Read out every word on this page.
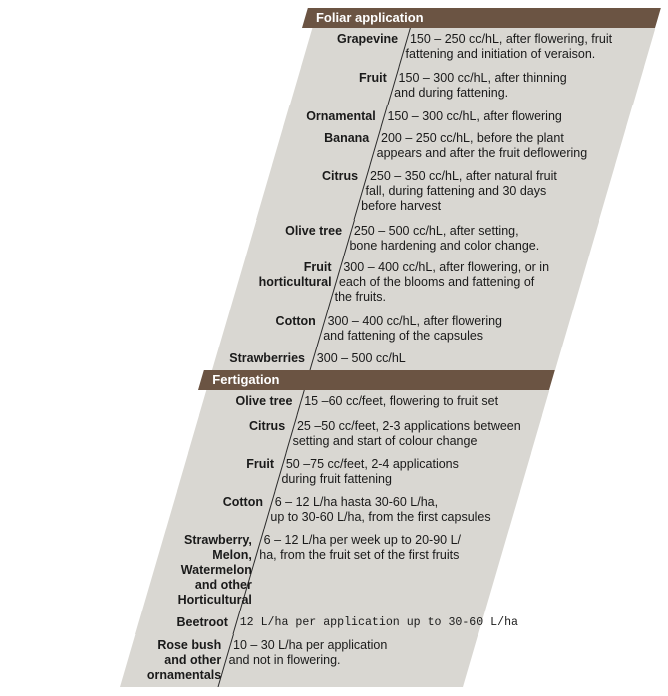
Foliar application
Grapevine 150 – 250 cc/hL, after flowering, fruit
fattening and initiation of veraison.
Fruit 150 – 300 cc/hL, after thinning
and during fattening.
Ornamental 150 – 300 cc/hL, after flowering
Banana 200 – 250 cc/hL, before the plant
appears and after the fruit deflowering
Citrus 250 – 350 cc/hL, after natural fruit
fall, during fattening and 30 days
before harvest
Olive tree 250 – 500 cc/hL, after setting,
bone hardening and color change.
Fruit
horticultural
300 – 400 cc/hL, after flowering, or in
each of the blooms and fattening of
the fruits.
Cotton 300 – 400 cc/hL, after flowering
and fattening of the capsules
Strawberries 300 – 500 cc/hL
Fertigation
Olive tree 15 –60 cc/feet, flowering to fruit set
Citrus 25 –50 cc/feet, 2-3 applications between
setting and start of colour change
Fruit 50 –75 cc/feet, 2-4 applications
during fruit fattening
Cotton 6 – 12 L/ha hasta 30-60 L/ha,
up to 30-60 L/ha, from the first capsules
Strawberry,
Melon,
Watermelon
and other
Horticultural
6 – 12 L/ha per week up to 20-90 L/
ha, from the fruit set of the first fruits
Beetroot 12 L/ha per application up to 30-60 L/ha
Rose bush
and other
ornamentals
10 – 30 L/ha per application
and not in flowering.
